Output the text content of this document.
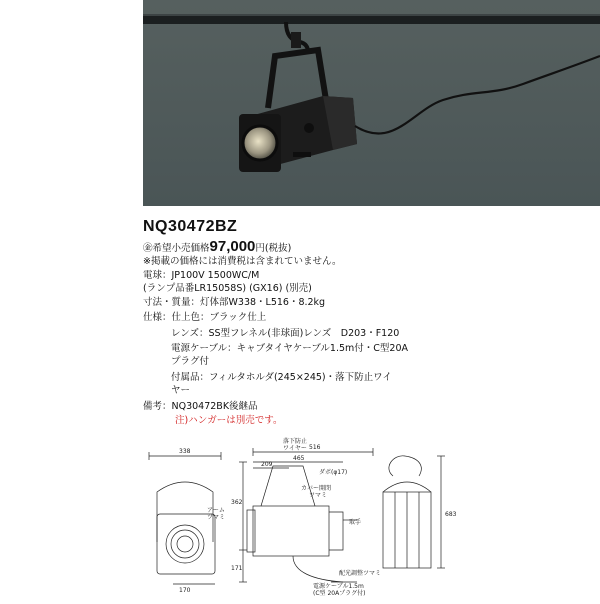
NQ30472BZ
㊎希望小売価格97,000円(税抜)
※掲載の価格には消費税は含まれていません。
電球：JP100V 1500WC/M
(ランプ品番LR15058S) (GX16) (別売)
寸法・質量：灯体部W338・L516・8.2kg
仕様：仕上色：ブラック仕上
レンズ：SS型フレネル(非球面)レンズ　D203・F120
電源ケーブル：キャブタイヤケーブル1.5m付・C型20A
プラグ付
付属品：フィルタホルダ(245×245)・落下防止ワイ
ヤー
備考：NQ30472BK後継品
注)ハンガーは別売です。
338
516
465
209
170
362
171
683
落下防止
ワイヤー
アーム
ツマミ
カバー開閉
ツマミ
ダボ(φ17)
取手
配光調整ツマミ
電源ケーブル1.5m
(C型 20Aプラグ付)
